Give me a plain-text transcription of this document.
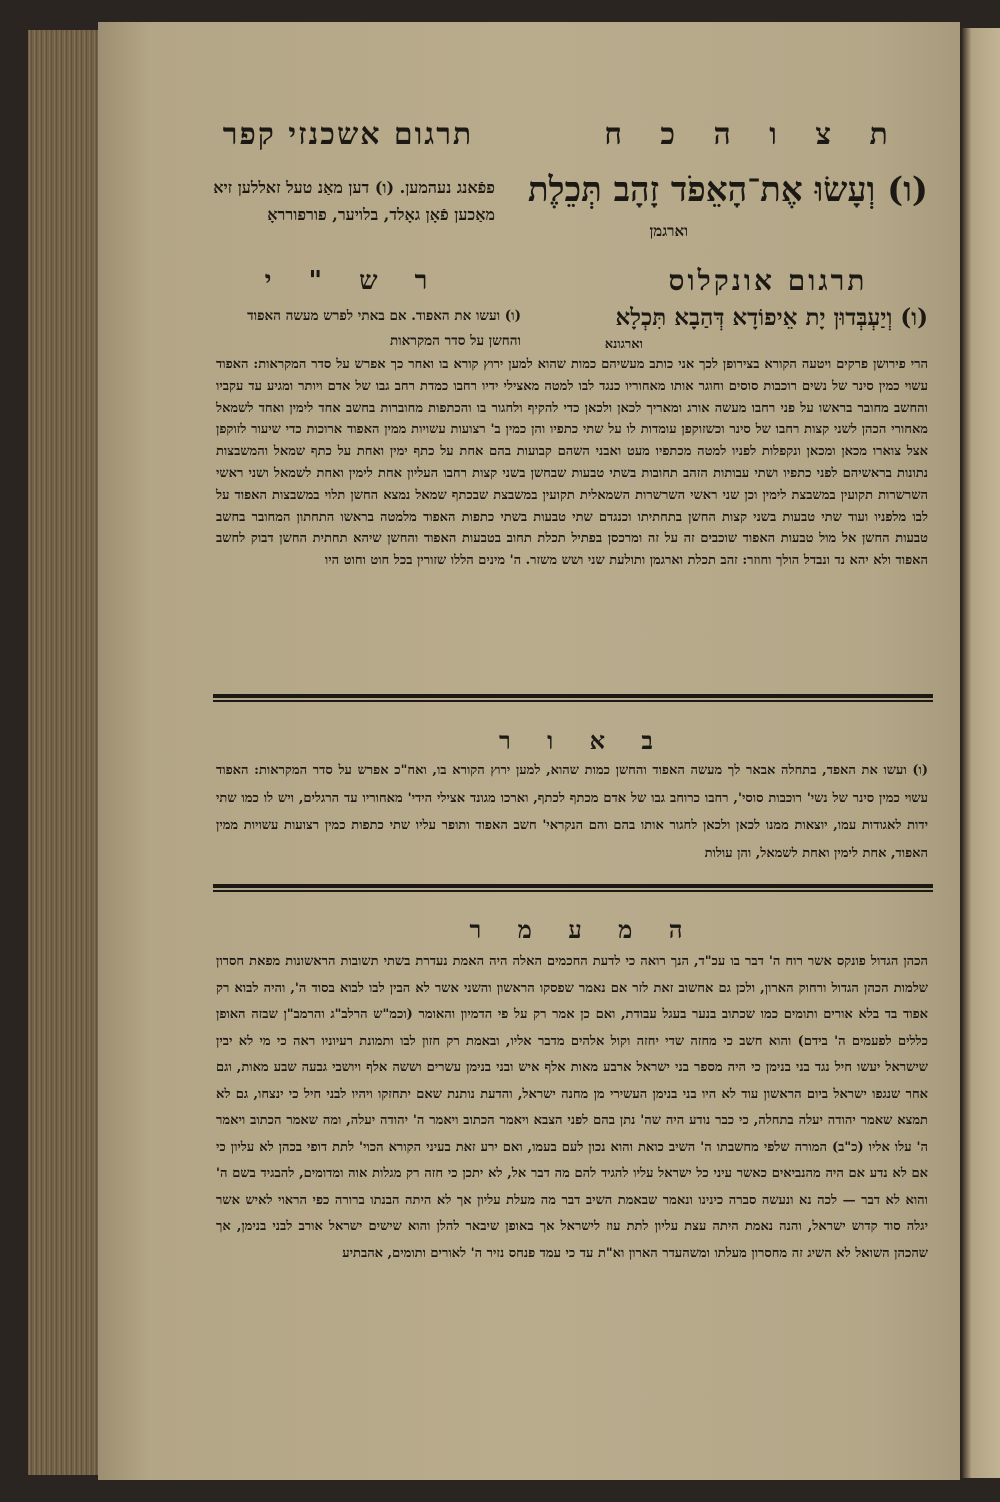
תרגום אשכנזי קפר	ת צ ו ה כ ח
(ו) וְעָשׂוּ אֶת־הָאֵפֹד זָהָב תְּכֵלֶת
וארגמן
פפֿאנג נעהמען. (ו) דען מאַנ טעל זאללען זיא מאַכען פֿאָן גאָלד, בלויער, פורפורראָ
תרגום אונקלוס
ר ש " י
(ו) וְיַעְבְּדוּן יָת אֵיפוֹדָא דְּהַבָא תִּכְלָא
וארגונא
(ו) ועשו את האפוד. אם באתי לפרש מעשה האפוד והחשן על סדר המקראות
הרי פירושן פרקים ויטעה הקורא בצירופן לכך אני כותב מעשיהם כמות שהוא למען ירוץ קורא בו ואחר כך אפרש על סדר המקראות: האפוד עשוי כמין סינר של נשים רוכבות סוסים וחוגר אותו מאחוריו כנגד לבו למטה מאצילי ידיו רחבו כמדת רחב גבו של אדם ויותר ומגיע עד עקביו והחשב מחובר בראשו על פני רחבו מעשה אורג ומאריך לכאן ולכאן כדי להקיף ולחגור בו והכתפות מחוברות בחשב אחד לימין ואחד לשמאל מאחורי הכהן לשני קצות רחבו של סינר וכשזוקפן עומדות לו על שתי כתפיו והן כמין ב' רצועות עשויות ממין האפוד ארוכות כדי שיעור לזוקפן אצל צוארו מכאן ומכאן ונקפלות לפניו למטה מכתפיו מעט ואבני השהם קבועות בהם אחת על כתף ימין ואחת על כתף שמאל והמשבצות נתונות בראשיהם לפני כתפיו ושתי עבותות הזהב תחובות בשתי טבעות שבחשן בשני קצות רחבו העליון אחת לימין ואחת לשמאל ושני ראשי השרשרות תקועין במשבצת לימין וכן שני ראשי השרשרות השמאלית תקועין במשבצת שבכתף שמאל נמצא החשן תלוי במשבצות האפוד על לבו מלפניו ועוד שתי טבעות בשני קצות החשן בתחתיתו וכנגדם שתי טבעות בשתי כתפות האפוד מלמטה בראשו התחתון המחובר בחשב טבעות החשן אל מול טבעות האפוד שוכבים זה על זה ומרכסן בפתיל תכלת תחוב בטבעות האפוד והחשן שיהא תחתית החשן דבוק לחשב האפוד ולא יהא נד ונבדל הולך וחוזר: זהב תכלת וארגמן ותולעת שני ושש משזר. ה' מינים הללו שזורין בכל חוט וחוט היו
ב א ו ר
(ו) ועשו את האפד, בתחלה אבאר לך מעשה האפוד והחשן כמות שהוא, למען ירוץ הקורא בו, ואח"כ אפרש על סדר המקראות: האפוד עשוי כמין סינר של נשי' רוכבות סוסי', רחבו כרוחב גבו של אדם מכתף לכתף, וארכו מגונד אצילי הידי' מאחוריו עד הרגלים, ויש לו כמו שתי ידות לאגודות עמו, יוצאות ממנו לכאן ולכאן לחגור אותו בהם והם הנקראי' חשב האפוד ותופר עליו שתי כתפות כמין רצועות עשויות ממין האפוד, אחת לימין ואחת לשמאל, והן עולות
ה מ ע מ ר
הכהן הגדול פונקס אשר רוח ה' דבר בו עכ"ד, הנך רואה כי לדעת החכמים האלה היה האמת נעדרת בשתי תשובות הראשונות מפאת חסרון שלמות הכהן הגדול ורחוק הארון, ולכן גם אחשוב זאת לזר אם נאמר שפסקו הראשון והשני אשר לא הבין לבו לבוא בסוד ה', והיה לבוא רק אפוד בד בלא אורים ותומים כמו שכתוב בנער בעגל עבודת, ואם כן אמר רק על פי הדמיון והאומר (וכמ"ש הרלב"ג והרמב"ן שבזה האופן כללים לפעמים ה' בידם) והוא חשב כי מחזה שדי יחזה וקול אלהים מדבר אליו, ובאמת רק חזון לבו ותמונת רעיוניו ראה כי מי לא יבין שישראל יעשו חיל נגד בני בנימן כי היה מספר בני ישראל ארבע מאות אלף איש ובני בנימן עשרים וששה אלף ויושבי גבעה שבע מאות, וגם אחר שנגפו ישראל ביום הראשון עוד לא היו בני בנימן העשירי מן מחנה ישראל, והדעת נותנת שאם יתחזקו ויהיו לבני חיל כי ינצחו, גם לא תמצא שאמר יהודה יעלה בתחלה, כי כבר נודע היה שה' נתן בהם לפני הצבא ויאמר הכתוב ויאמר ה' יהודה יעלה, ומה שאמר הכתוב ויאמר ה' עלו אליו (כ"ב) המורה שלפי מחשבתו ה' השיב כואת והוא נכון לעם בעמו, ואם ירע זאת בעיני הקורא הכוי' לתת דופי בכהן לא עליון כי אם לא נדע אם היה מהנביאים כאשר עיני כל ישראל עליו להגיד להם מה דבר אל, לא יתכן כי חזה רק מגלות אוה ומדומים, להבגיד בשם ה' והוא לא דבר — לכה נא ונעשה סברה כינינו ונאמר שבאמת השיב דבר מה מעלת עליון אך לא היתה הבנתו ברורה כפי הראוי לאיש אשר יגלה סוד קדוש ישראל, והנה נאמת היתה עצת עליון לתת עוז לישראל אך באופן שיבאר להלן והוא שישים ישראל אורב לבני בנימן, אך שהכהן השואל לא השיג זה מחסרון מעלתו ומשהעדר הארון וא"ת עד כי עמד פנחס נזיר ה' לאורים ותומים, אהבתיע
